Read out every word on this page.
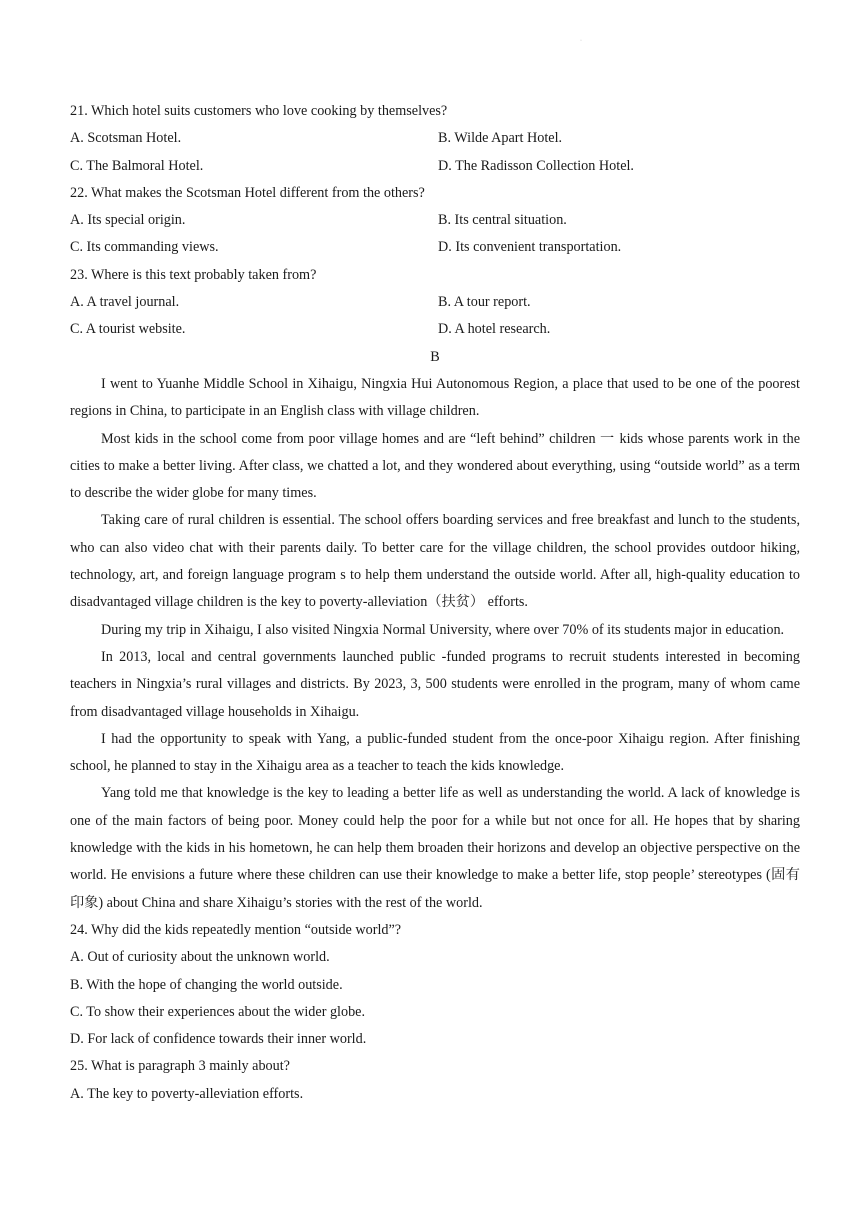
·
21. Which hotel suits customers who love cooking by themselves?
A. Scotsman Hotel.	B. Wilde Apart Hotel.
C. The Balmoral Hotel.	D. The Radisson Collection Hotel.
22. What makes the Scotsman Hotel different from the others?
A. Its special origin.	B. Its central situation.
C. Its commanding views.	D. Its convenient transportation.
23. Where is this text probably taken from?
A. A travel journal.	B. A tour report.
C. A tourist website.	D. A hotel research.
B

I went to Yuanhe Middle School in Xihaigu, Ningxia Hui Autonomous Region, a place that used to be one of the poorest regions in China, to participate in an English class with village children.

Most kids in the school come from poor village homes and are “left behind” children 一 kids whose parents work in the cities to make a better living. After class, we chatted a lot, and they wondered about everything, using “outside world” as a term to describe the wider globe for many times.

Taking care of rural children is essential. The school offers boarding services and free breakfast and lunch to the students, who can also video chat with their parents daily. To better care for the village children, the school provides outdoor hiking, technology, art, and foreign language program s to help them understand the outside world. After all, high-quality education to disadvantaged village children is the key to poverty-alleviation（扶贫） efforts.

During my trip in Xihaigu, I also visited Ningxia Normal University, where over 70% of its students major in education.

In 2013, local and central governments launched public -funded programs to recruit students interested in becoming teachers in Ningxia’s rural villages and districts. By 2023, 3, 500 students were enrolled in the program, many of whom came from disadvantaged village households in Xihaigu.

I had the opportunity to speak with Yang, a public-funded student from the once-poor Xihaigu region. After finishing school, he planned to stay in the Xihaigu area as a teacher to teach the kids knowledge.

Yang told me that knowledge is the key to leading a better life as well as understanding the world. A lack of knowledge is one of the main factors of being poor. Money could help the poor for a while but not once for all. He hopes that by sharing knowledge with the kids in his hometown, he can help them broaden their horizons and develop an objective perspective on the world. He envisions a future where these children can use their knowledge to make a better life, stop people’ stereotypes (固有印象) about China and share Xihaigu’s stories with the rest of the world.

24. Why did the kids repeatedly mention “outside world”?
A. Out of curiosity about the unknown world.
B. With the hope of changing the world outside.
C. To show their experiences about the wider globe.
D. For lack of confidence towards their inner world.
25. What is paragraph 3 mainly about?
A. The key to poverty-alleviation efforts.
